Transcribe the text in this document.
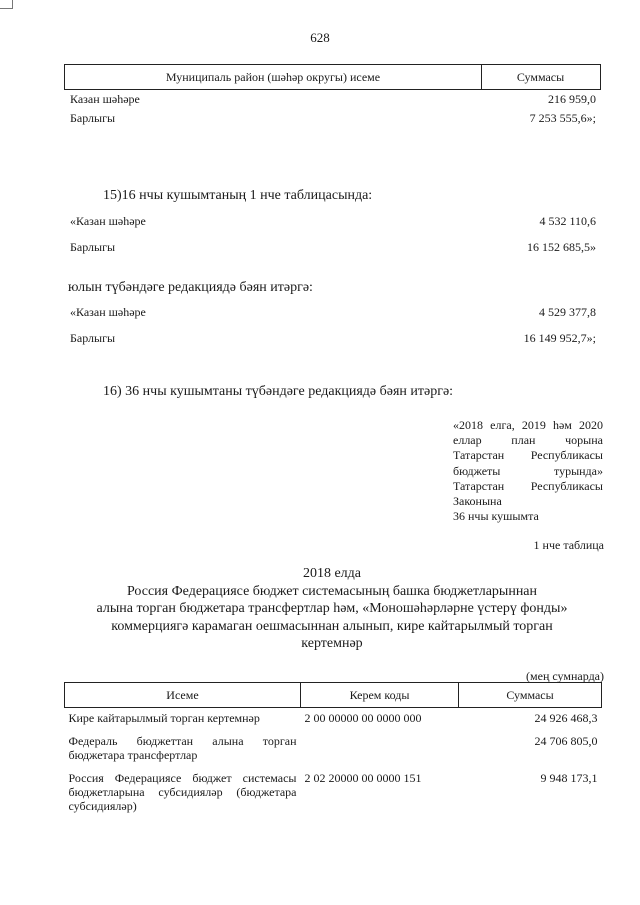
628
Муниципаль район (шәһәр округы) исеме	Суммасы
Казан шәһәре	216 959,0
Барлыгы	7 253 555,6»;
15)16 нчы кушымтаның 1 нче таблицасында:
«Казан шәһәре	4 532 110,6
Барлыгы	16 152 685,5»
юлын түбәндәге редакциядә бәян итәргә:
«Казан шәһәре	4 529 377,8
Барлыгы	16 149 952,7»;
16) 36 нчы кушымтаны түбәндәге редакциядә бәян итәргә:
«2018 елга, 2019 һәм 2020
еллар план чорына
Татарстан Республикасы
бюджеты	турында»
Татарстан Республикасы
Законына
36 нчы кушымта
1 нче таблица
2018 елда
Россия Федерациясе бюджет системасының башка бюджетларыннан
алына торган бюджетара трансфертлар һәм, «Моношәһәрләрне үстерү фонды»
коммерциягә карамаган оешмасыннан алынып, кире кайтарылмый торган
кертемнәр
(мең сумнарда)
Исеме	Керем коды	Суммасы
Кире кайтарылмый торган кертемнәр	2 00 00000 00 0000 000	24 926 468,3
Федераль бюджеттан алына торган бюджетара трансфертлар		24 706 805,0
Россия Федерациясе бюджет системасы бюджетларына субсидияләр (бюджетара субсидияләр)	2 02 20000 00 0000 151	9 948 173,1
